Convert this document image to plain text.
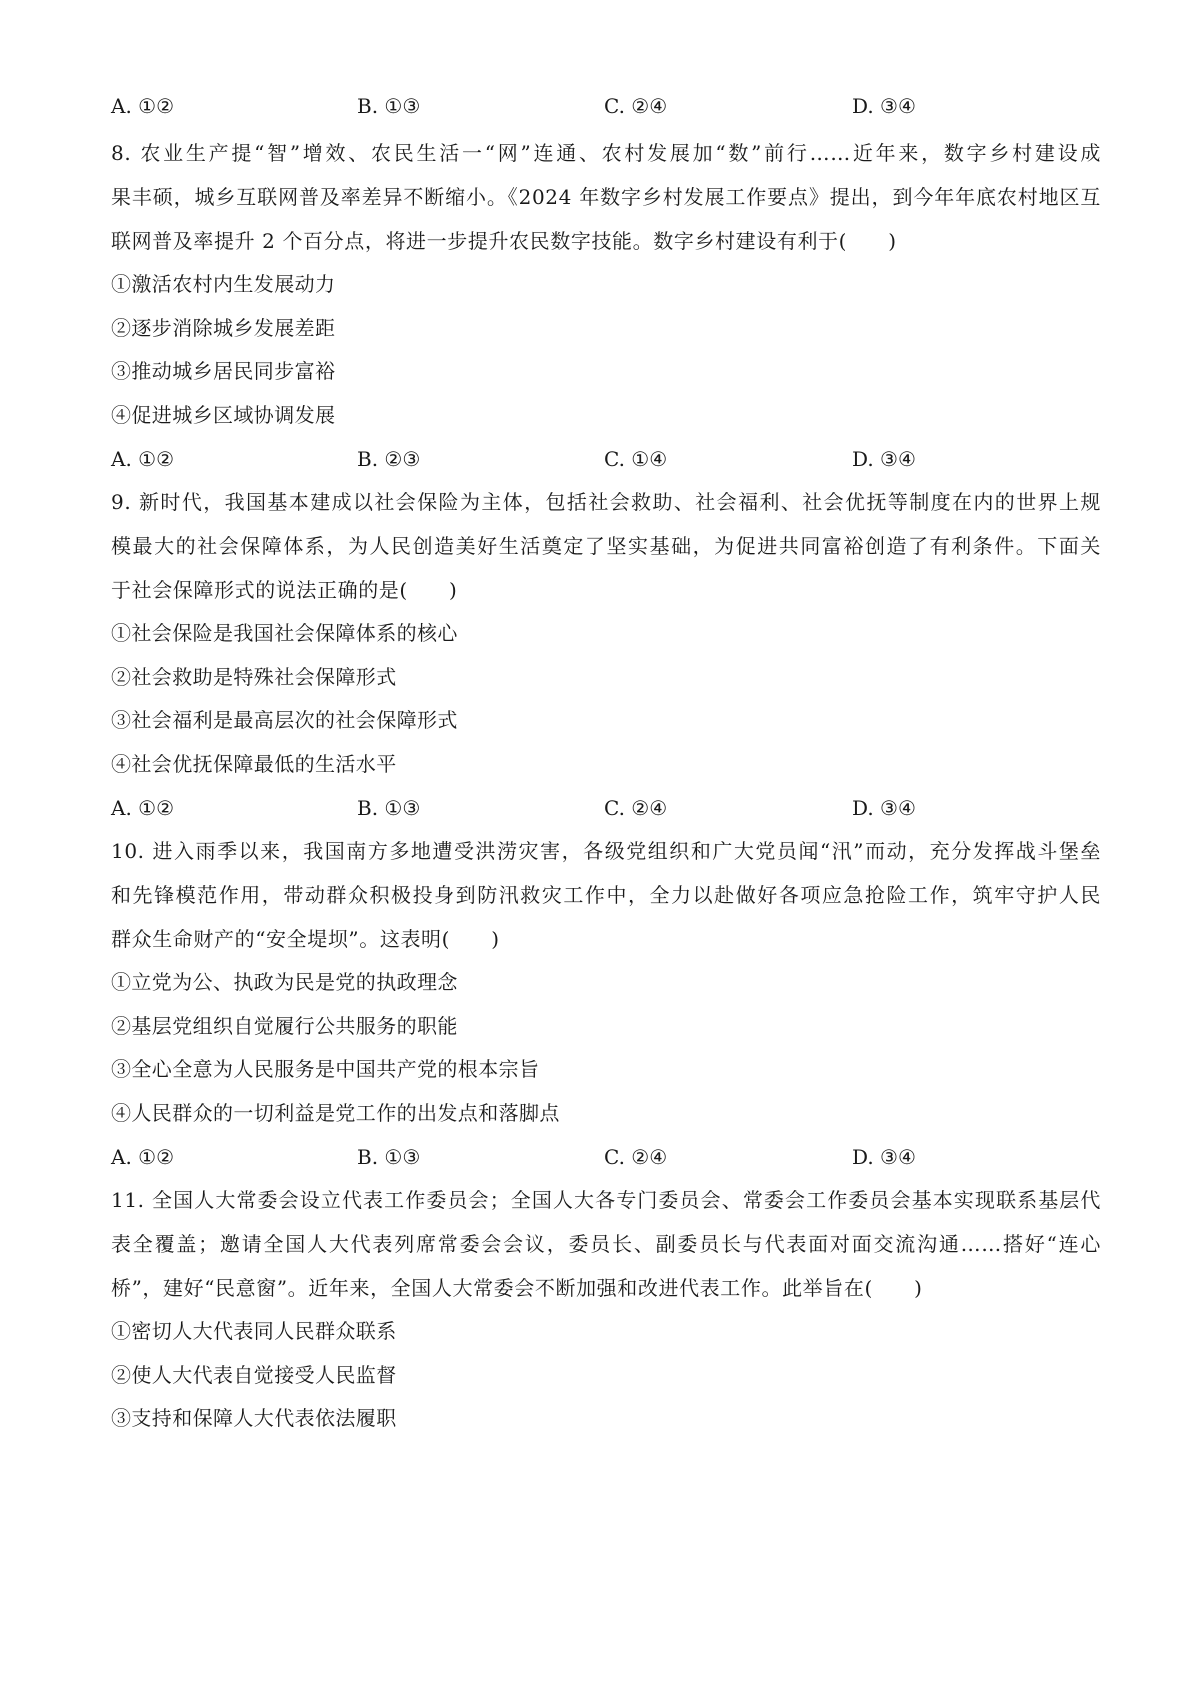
A. ①②	B. ①③	C. ②④	D. ③④
8. 农业生产提“智”增效、农民生活一“网”连通、农村发展加“数”前行……近年来，数字乡村建设成
果丰硕，城乡互联网普及率差异不断缩小。《2024 年数字乡村发展工作要点》提出，到今年年底农村地区互
联网普及率提升 2 个百分点，将进一步提升农民数字技能。数字乡村建设有利于(　　)
①激活农村内生发展动力
②逐步消除城乡发展差距
③推动城乡居民同步富裕
④促进城乡区域协调发展
A. ①②	B. ②③	C. ①④	D. ③④
9. 新时代，我国基本建成以社会保险为主体，包括社会救助、社会福利、社会优抚等制度在内的世界上规
模最大的社会保障体系，为人民创造美好生活奠定了坚实基础，为促进共同富裕创造了有利条件。下面关
于社会保障形式的说法正确的是(　　)
①社会保险是我国社会保障体系的核心
②社会救助是特殊社会保障形式
③社会福利是最高层次的社会保障形式
④社会优抚保障最低的生活水平
A. ①②	B. ①③	C. ②④	D. ③④
10. 进入雨季以来，我国南方多地遭受洪涝灾害，各级党组织和广大党员闻“汛”而动，充分发挥战斗堡垒
和先锋模范作用，带动群众积极投身到防汛救灾工作中，全力以赴做好各项应急抢险工作，筑牢守护人民
群众生命财产的“安全堤坝”。这表明(　　)
①立党为公、执政为民是党的执政理念
②基层党组织自觉履行公共服务的职能
③全心全意为人民服务是中国共产党的根本宗旨
④人民群众的一切利益是党工作的出发点和落脚点
A. ①②	B. ①③	C. ②④	D. ③④
11. 全国人大常委会设立代表工作委员会；全国人大各专门委员会、常委会工作委员会基本实现联系基层代
表全覆盖；邀请全国人大代表列席常委会会议，委员长、副委员长与代表面对面交流沟通……搭好“连心
桥”，建好“民意窗”。近年来，全国人大常委会不断加强和改进代表工作。此举旨在(　　)
①密切人大代表同人民群众联系
②使人大代表自觉接受人民监督
③支持和保障人大代表依法履职
